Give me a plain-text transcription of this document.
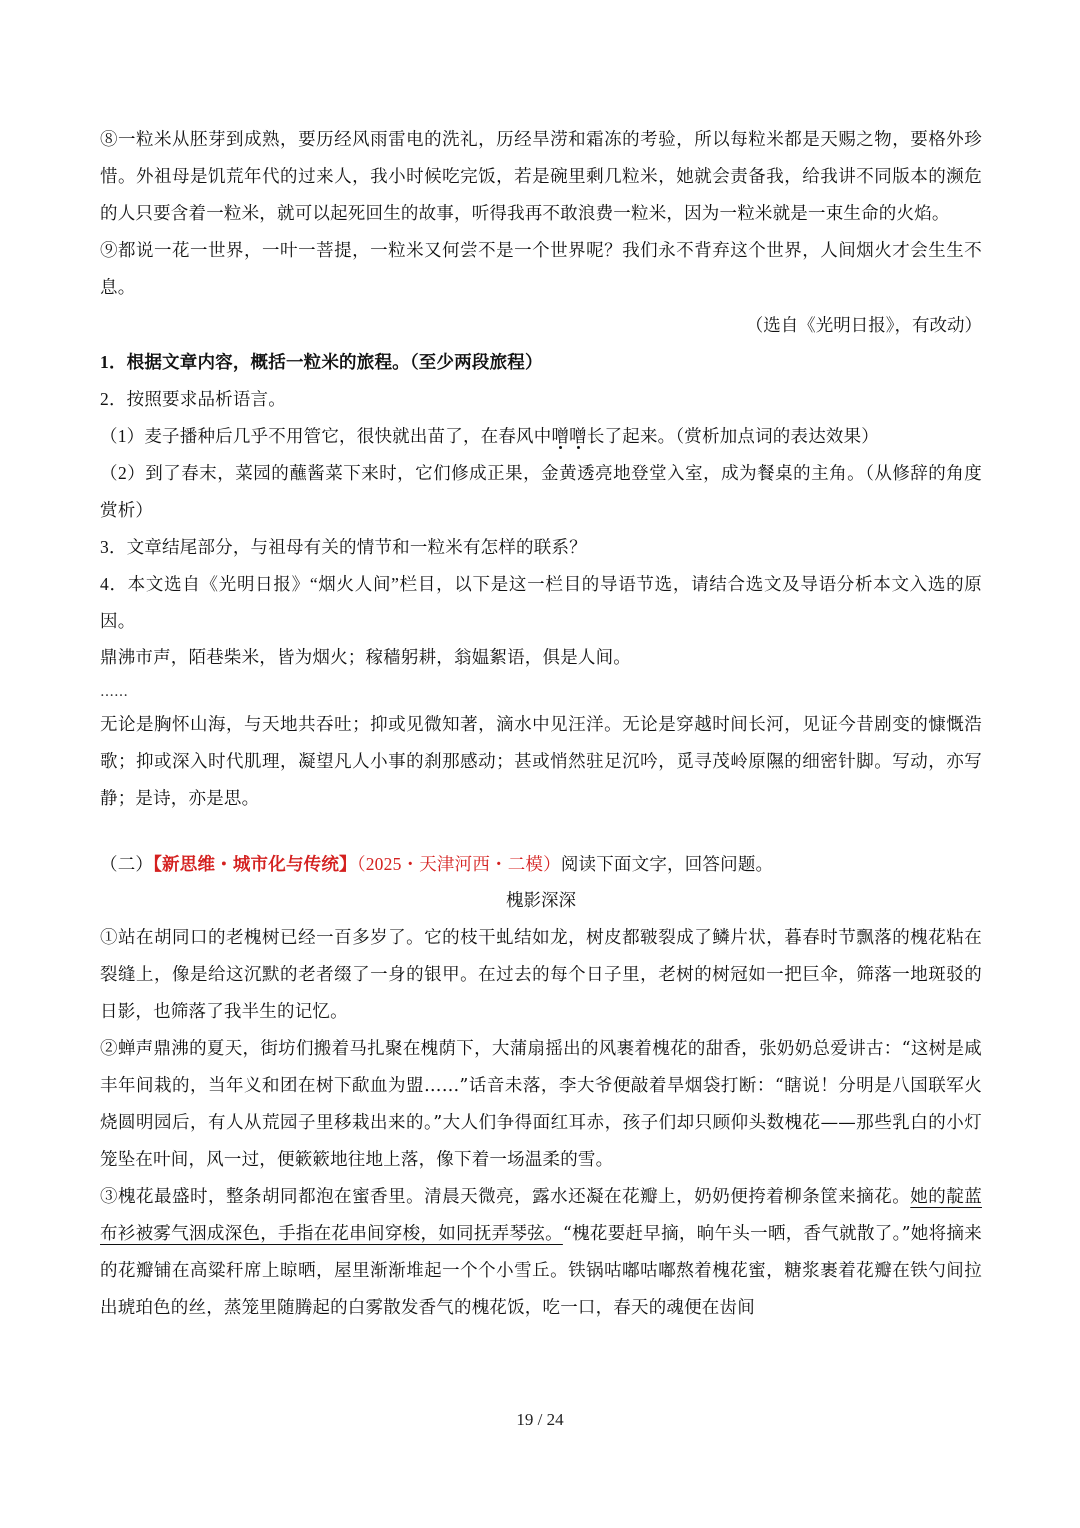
⑧一粒米从胚芽到成熟，要历经风雨雷电的洗礼，历经旱涝和霜冻的考验，所以每粒米都是天赐之物，要格外珍惜。外祖母是饥荒年代的过来人，我小时候吃完饭，若是碗里剩几粒米，她就会责备我，给我讲不同版本的濒危的人只要含着一粒米，就可以起死回生的故事，听得我再不敢浪费一粒米，因为一粒米就是一束生命的火焰。

⑨都说一花一世界，一叶一菩提，一粒米又何尝不是一个世界呢？我们永不背弃这个世界，人间烟火才会生生不息。

（选自《光明日报》，有改动）

1．根据文章内容，概括一粒米的旅程。（至少两段旅程）

2．按照要求品析语言。

（1）麦子播种后几乎不用管它，很快就出苗了，在春风中噌噌长了起来。（赏析加点词的表达效果）

（2）到了春末，菜园的蘸酱菜下来时，它们修成正果，金黄透亮地登堂入室，成为餐桌的主角。（从修辞的角度赏析）

3．文章结尾部分，与祖母有关的情节和一粒米有怎样的联系？

4．本文选自《光明日报》“烟火人间”栏目，以下是这一栏目的导语节选，请结合选文及导语分析本文入选的原因。

鼎沸市声，陌巷柴米，皆为烟火；稼穑躬耕，翁媪絮语，俱是人间。

……

无论是胸怀山海，与天地共吞吐；抑或见微知著，滴水中见汪洋。无论是穿越时间长河，见证今昔剧变的慷慨浩歌；抑或深入时代肌理，凝望凡人小事的刹那感动；甚或悄然驻足沉吟，觅寻茂岭原隰的细密针脚。写动，亦写静；是诗，亦是思。

（二）【新思维・城市化与传统】（2025・天津河西・二模）阅读下面文字，回答问题。

槐影深深

①站在胡同口的老槐树已经一百多岁了。它的枝干虬结如龙，树皮都皲裂成了鳞片状，暮春时节飘落的槐花粘在裂缝上，像是给这沉默的老者缀了一身的银甲。在过去的每个日子里，老树的树冠如一把巨伞，筛落一地斑驳的日影，也筛落了我半生的记忆。

②蝉声鼎沸的夏天，街坊们搬着马扎聚在槐荫下，大蒲扇摇出的风裹着槐花的甜香，张奶奶总爱讲古：“这树是咸丰年间栽的，当年义和团在树下歃血为盟……”话音未落，李大爷便敲着旱烟袋打断：“瞎说！分明是八国联军火烧圆明园后，有人从荒园子里移栽出来的。”大人们争得面红耳赤，孩子们却只顾仰头数槐花——那些乳白的小灯笼坠在叶间，风一过，便簌簌地往地上落，像下着一场温柔的雪。

③槐花最盛时，整条胡同都泡在蜜香里。清晨天微亮，露水还凝在花瓣上，奶奶便挎着柳条筐来摘花。她的靛蓝布衫被雾气洇成深色，手指在花串间穿梭，如同抚弄琴弦。“槐花要赶早摘，晌午头一晒，香气就散了。”她将摘来的花瓣铺在高粱秆席上晾晒，屋里渐渐堆起一个个小雪丘。铁锅咕嘟咕嘟熬着槐花蜜，糖浆裹着花瓣在铁勺间拉出琥珀色的丝，蒸笼里随腾起的白雾散发香气的槐花饭，吃一口，春天的魂便在齿间

19 / 24
